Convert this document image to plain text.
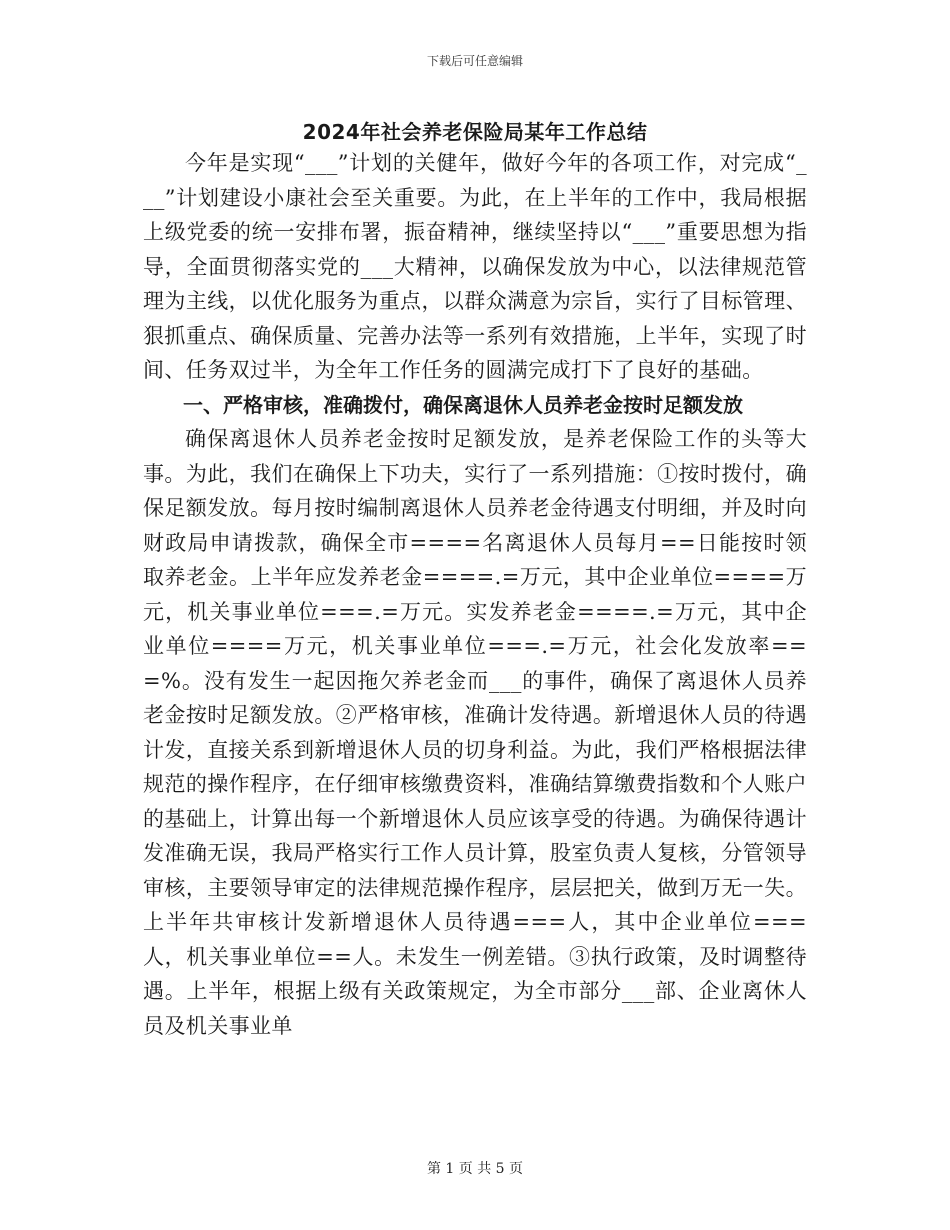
下载后可任意编辑
2024年社会养老保险局某年工作总结

今年是实现“___”计划的关健年，做好今年的各项工作，对完成“___”计划建设小康社会至关重要。为此，在上半年的工作中，我局根据上级党委的统一安排布署，振奋精神，继续坚持以“___”重要思想为指导，全面贯彻落实党的___大精神，以确保发放为中心，以法律规范管理为主线，以优化服务为重点，以群众满意为宗旨，实行了目标管理、狠抓重点、确保质量、完善办法等一系列有效措施，上半年，实现了时间、任务双过半，为全年工作任务的圆满完成打下了良好的基础。

一、严格审核，准确拨付，确保离退休人员养老金按时足额发放

确保离退休人员养老金按时足额发放，是养老保险工作的头等大事。为此，我们在确保上下功夫，实行了一系列措施：①按时拨付，确保足额发放。每月按时编制离退休人员养老金待遇支付明细，并及时向财政局申请拨款，确保全市====名离退休人员每月==日能按时领取养老金。上半年应发养老金====.=万元，其中企业单位====万元，机关事业单位===.=万元。实发养老金====.=万元，其中企业单位====万元，机关事业单位===.=万元，社会化发放率===%。没有发生一起因拖欠养老金而___的事件，确保了离退休人员养老金按时足额发放。②严格审核，准确计发待遇。新增退休人员的待遇计发，直接关系到新增退休人员的切身利益。为此，我们严格根据法律规范的操作程序，在仔细审核缴费资料，准确结算缴费指数和个人账户的基础上，计算出每一个新增退休人员应该享受的待遇。为确保待遇计发准确无误，我局严格实行工作人员计算，股室负责人复核，分管领导审核，主要领导审定的法律规范操作程序，层层把关，做到万无一失。上半年共审核计发新增退休人员待遇===人，其中企业单位===人，机关事业单位==人。未发生一例差错。③执行政策，及时调整待遇。上半年，根据上级有关政策规定，为全市部分___部、企业离休人员及机关事业单

第 1 页 共 5 页
